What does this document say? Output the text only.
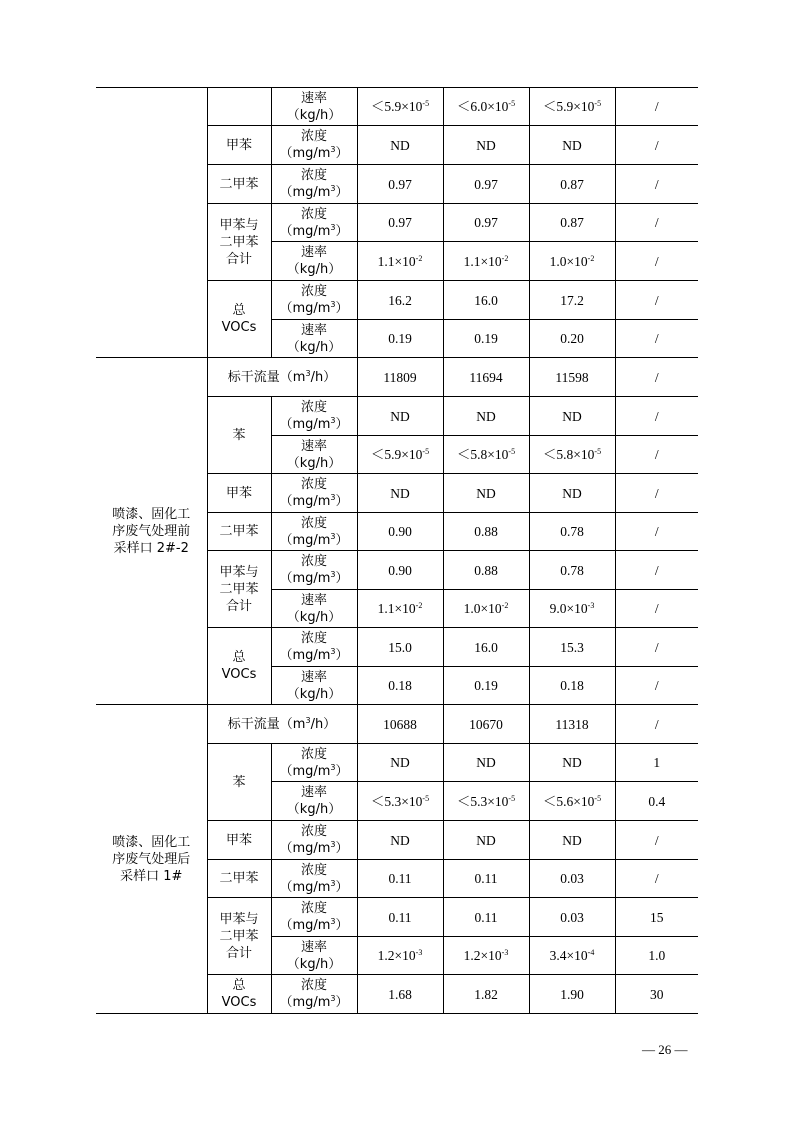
		速率
（kg/h）	$<5.9\times 10^{-5}$	$<6.0\times 10^{-5}$	$<5.9\times 10^{-5}$	/

	甲苯	浓度
$(mg/m^3)$	ND	ND	ND	/

	二甲苯	浓度
$(mg/m^3)$	0.97	0.97	0.87	/

	甲苯与
二甲苯
合计	浓度
$(mg/m^3)$	0.97	0.97	0.87	/

		速率
（kg/h）	$1.1\times 10^{-2}$	$1.1\times 10^{-2}$	$1.0\times 10^{-2}$	/

	总
VOCs	浓度
$(mg/m^3)$	16.2	16.0	17.2	/

		速率
（kg/h）	0.19	0.19	0.20	/

喷漆、固化工
序废气处理前
采样口 2#-2	标干流量$(m^3/h)$		11809	11694	11598	/

	苯	浓度
$(mg/m^3)$	ND	ND	ND	/

		速率
（kg/h）	$<5.9\times 10^{-5}$	$<5.8\times 10^{-5}$	$<5.8\times 10^{-5}$	/

	甲苯	浓度
$(mg/m^3)$	ND	ND	ND	/

	二甲苯	浓度
$(mg/m^3)$	0.90	0.88	0.78	/

	甲苯与
二甲苯
合计	浓度
$(mg/m^3)$	0.90	0.88	0.78	/

		速率
（kg/h）	$1.1\times 10^{-2}$	$1.0\times 10^{-2}$	$9.0\times 10^{-3}$	/

	总
VOCs	浓度
$(mg/m^3)$	15.0	16.0	15.3	/

		速率
（kg/h）	0.18	0.19	0.18	/

喷漆、固化工
序废气处理后
采样口 1#	标干流量$(m^3/h)$		10688	10670	11318	/

	苯	浓度
$(mg/m^3)$	ND	ND	ND	1

		速率
（kg/h）	$<5.3\times 10^{-5}$	$<5.3\times 10^{-5}$	$<5.6\times 10^{-5}$	0.4

	甲苯	浓度
$(mg/m^3)$	ND	ND	ND	/

	二甲苯	浓度
$(mg/m^3)$	0.11	0.11	0.03	/

	甲苯与
二甲苯
合计	浓度
$(mg/m^3)$	0.11	0.11	0.03	15

		速率
（kg/h）	$1.2\times 10^{-3}$	$1.2\times 10^{-3}$	$3.4\times 10^{-4}$	1.0

	总
VOCs	浓度
$(mg/m^3)$	1.68	1.82	1.90	30
— 26 —
